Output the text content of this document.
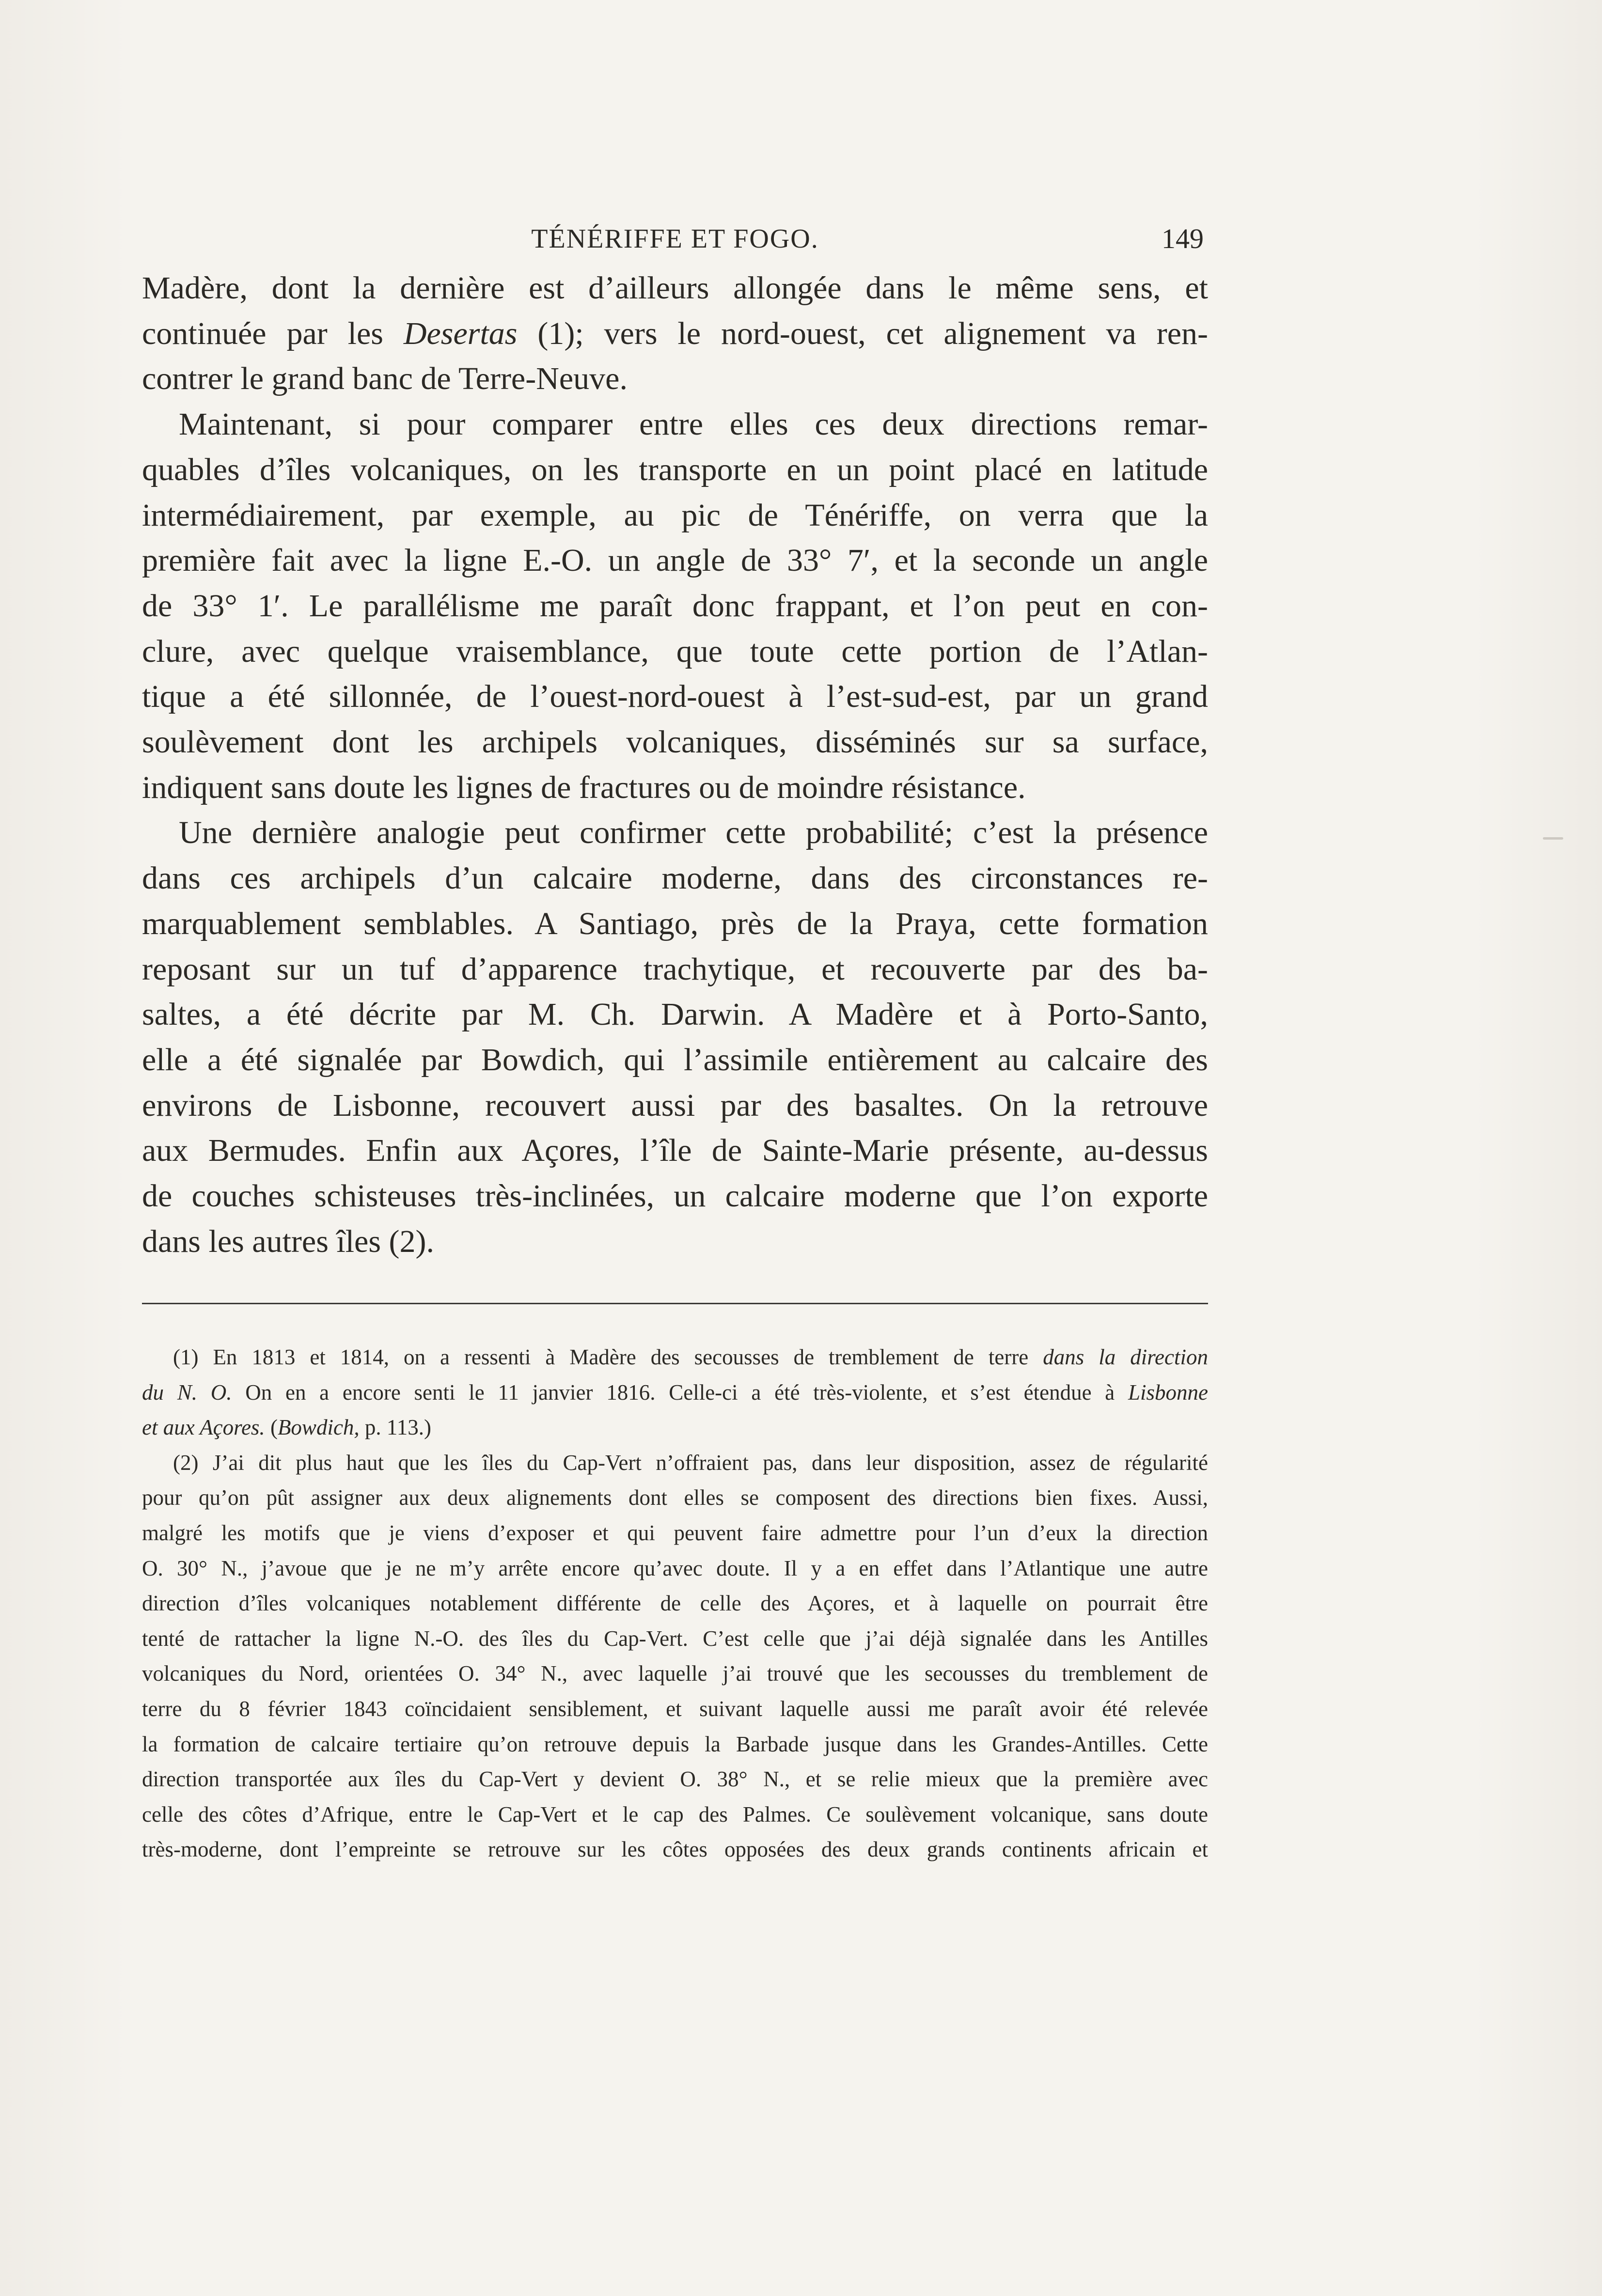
TÉNÉRIFFE ET FOGO.	149
Madère, dont la dernière est d’ailleurs allongée dans le même sens, et
continuée par les Desertas (1); vers le nord-ouest, cet alignement va ren-
contrer le grand banc de Terre-Neuve.
Maintenant, si pour comparer entre elles ces deux directions remar-
quables d’îles volcaniques, on les transporte en un point placé en latitude
intermédiairement, par exemple, au pic de Ténériffe, on verra que la
première fait avec la ligne E.-O. un angle de 33° 7′, et la seconde un angle
de 33° 1′. Le parallélisme me paraît donc frappant, et l’on peut en con-
clure, avec quelque vraisemblance, que toute cette portion de l’Atlan-
tique a été sillonnée, de l’ouest-nord-ouest à l’est-sud-est, par un grand
soulèvement dont les archipels volcaniques, disséminés sur sa surface,
indiquent sans doute les lignes de fractures ou de moindre résistance.
Une dernière analogie peut confirmer cette probabilité; c’est la présence
dans ces archipels d’un calcaire moderne, dans des circonstances re-
marquablement semblables. A Santiago, près de la Praya, cette formation
reposant sur un tuf d’apparence trachytique, et recouverte par des ba-
saltes, a été décrite par M. Ch. Darwin. A Madère et à Porto-Santo,
elle a été signalée par Bowdich, qui l’assimile entièrement au calcaire des
environs de Lisbonne, recouvert aussi par des basaltes. On la retrouve
aux Bermudes. Enfin aux Açores, l’île de Sainte-Marie présente, au-dessus
de couches schisteuses très-inclinées, un calcaire moderne que l’on exporte
dans les autres îles (2).
(1) En 1813 et 1814, on a ressenti à Madère des secousses de tremblement de terre dans la direction
du N. O. On en a encore senti le 11 janvier 1816. Celle-ci a été très-violente, et s’est étendue à Lisbonne
et aux Açores. (Bowdich, p. 113.)
(2) J’ai dit plus haut que les îles du Cap-Vert n’offraient pas, dans leur disposition, assez de régularité
pour qu’on pût assigner aux deux alignements dont elles se composent des directions bien fixes. Aussi,
malgré les motifs que je viens d’exposer et qui peuvent faire admettre pour l’un d’eux la direction
O. 30° N., j’avoue que je ne m’y arrête encore qu’avec doute. Il y a en effet dans l’Atlantique une autre
direction d’îles volcaniques notablement différente de celle des Açores, et à laquelle on pourrait être
tenté de rattacher la ligne N.-O. des îles du Cap-Vert. C’est celle que j’ai déjà signalée dans les Antilles
volcaniques du Nord, orientées O. 34° N., avec laquelle j’ai trouvé que les secousses du tremblement de
terre du 8 février 1843 coïncidaient sensiblement, et suivant laquelle aussi me paraît avoir été relevée
la formation de calcaire tertiaire qu’on retrouve depuis la Barbade jusque dans les Grandes-Antilles. Cette
direction transportée aux îles du Cap-Vert y devient O. 38° N., et se relie mieux que la première avec
celle des côtes d’Afrique, entre le Cap-Vert et le cap des Palmes. Ce soulèvement volcanique, sans doute
très-moderne, dont l’empreinte se retrouve sur les côtes opposées des deux grands continents africain et
